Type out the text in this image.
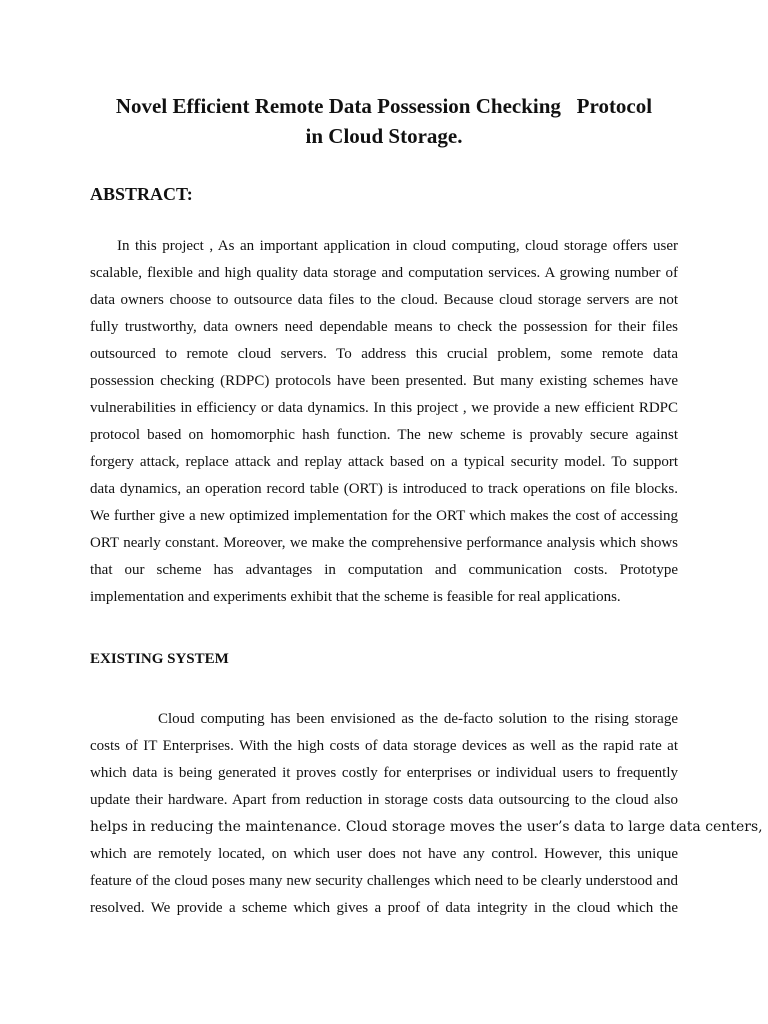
Novel Efficient Remote Data Possession Checking   Protocol
in Cloud Storage.
ABSTRACT:
In this project , As an important application in cloud computing, cloud storage offers user
scalable, flexible and high quality data storage and computation services. A growing number of
data owners choose to outsource data files to the cloud. Because cloud storage servers are not
fully trustworthy, data owners need dependable means to check the possession for their files
outsourced to remote cloud servers. To address this crucial problem, some remote data
possession checking (RDPC) protocols have been presented. But many existing schemes have
vulnerabilities in efficiency or data dynamics. In this project , we provide a new efficient RDPC
protocol based on homomorphic hash function. The new scheme is provably secure against
forgery attack, replace attack and replay attack based on a typical security model. To support
data dynamics, an operation record table (ORT) is introduced to track operations on file blocks.
We further give a new optimized implementation for the ORT which makes the cost of accessing
ORT nearly constant. Moreover, we make the comprehensive performance analysis which shows
that our scheme has advantages in computation and communication costs. Prototype
implementation and experiments exhibit that the scheme is feasible for real applications.
EXISTING SYSTEM
Cloud computing has been envisioned as the de-facto solution to the rising storage
costs of IT Enterprises. With the high costs of data storage devices as well as the rapid rate at
which data is being generated it proves costly for enterprises or individual users to frequently
update their hardware. Apart from reduction in storage costs data outsourcing to the cloud also
helps in reducing the maintenance. Cloud storage moves the user’s data to large data centers,
which are remotely located, on which user does not have any control. However, this unique
feature of the cloud poses many new security challenges which need to be clearly understood and
resolved. We provide a scheme which gives a proof of data integrity in the cloud which the
